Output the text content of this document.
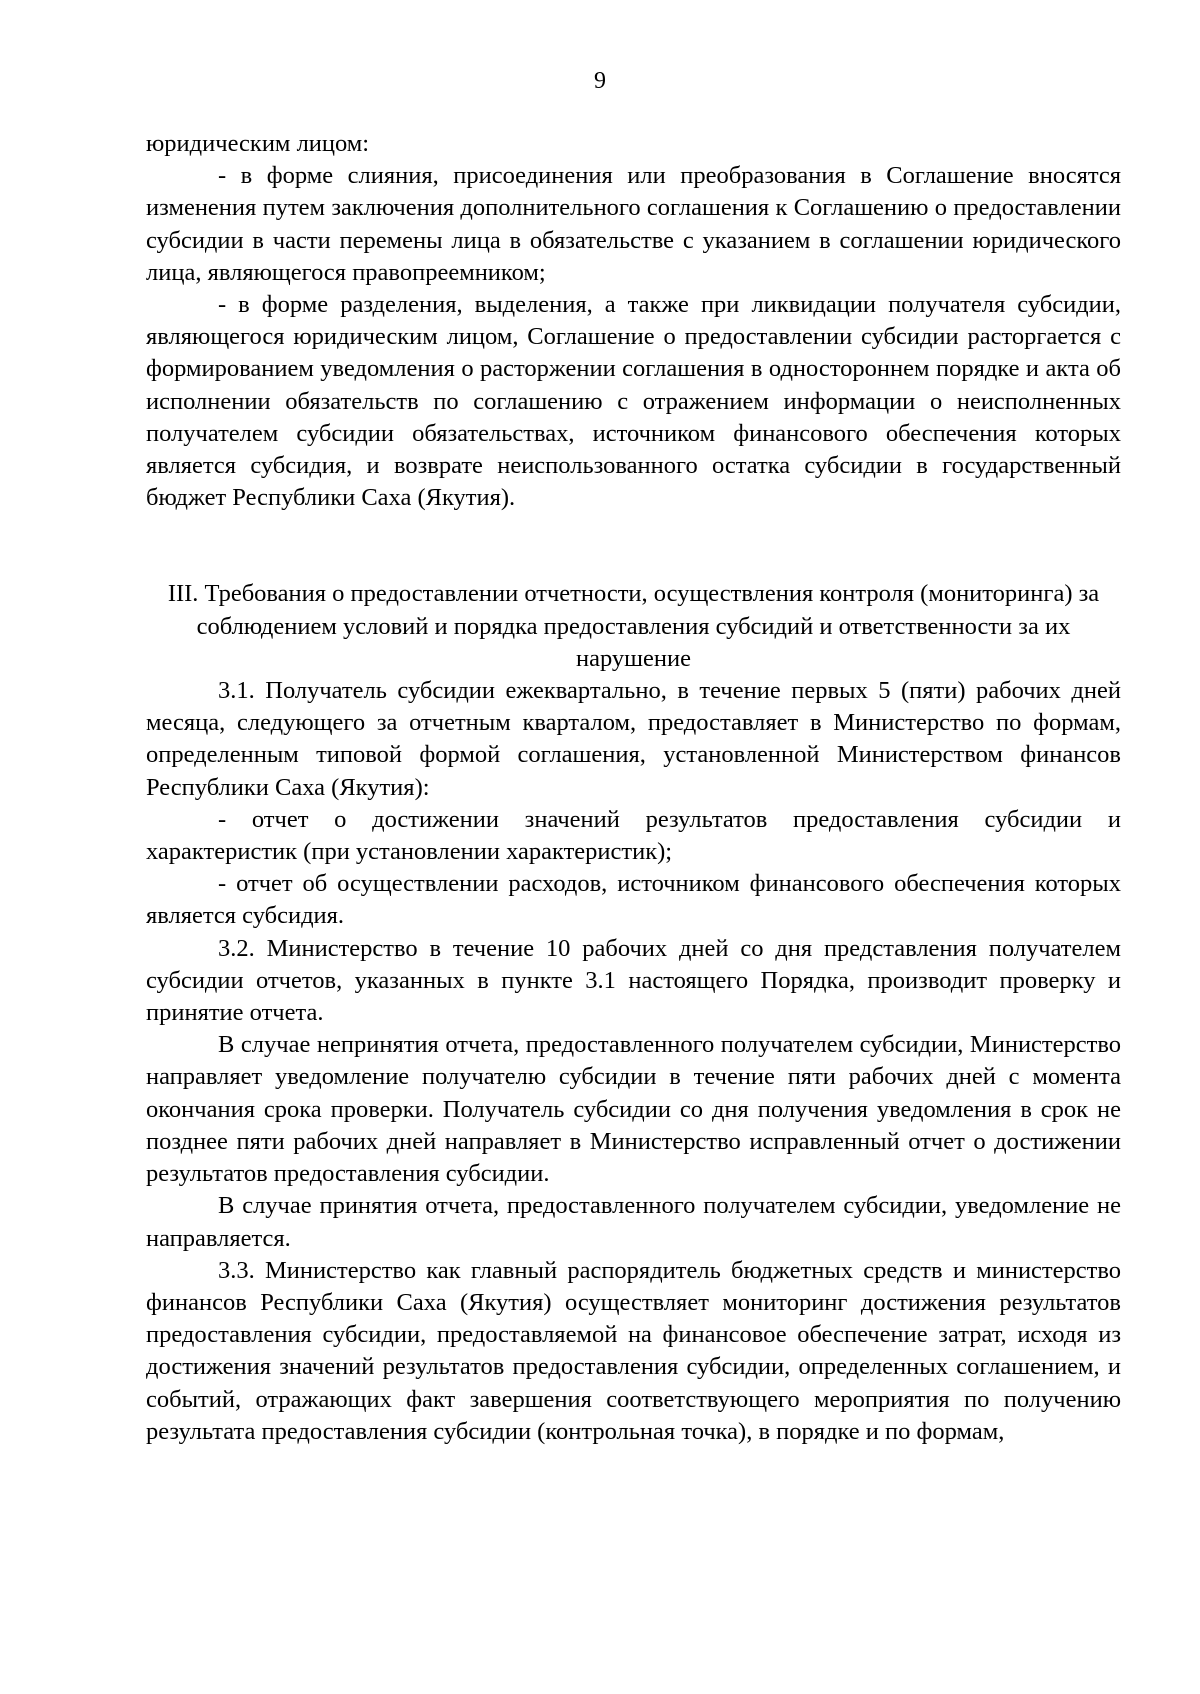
9

юридическим лицом:

- в форме слияния, присоединения или преобразования в Соглашение вносятся изменения путем заключения дополнительного соглашения к Соглашению о предоставлении субсидии в части перемены лица в обязательстве с указанием в соглашении юридического лица, являющегося правопреемником;

- в форме разделения, выделения, а также при ликвидации получателя субсидии, являющегося юридическим лицом, Соглашение о предоставлении субсидии расторгается с формированием уведомления о расторжении соглашения в одностороннем порядке и акта об исполнении обязательств по соглашению с отражением информации о неисполненных получателем субсидии обязательствах, источником финансового обеспечения которых является субсидия, и возврате неиспользованного остатка субсидии в государственный бюджет Республики Саха (Якутия).

III. Требования о предоставлении отчетности, осуществления контроля (мониторинга) за соблюдением условий и порядка предоставления субсидий и ответственности за их нарушение

3.1. Получатель субсидии ежеквартально, в течение первых 5 (пяти) рабочих дней месяца, следующего за отчетным кварталом, предоставляет в Министерство по формам, определенным типовой формой соглашения, установленной Министерством финансов Республики Саха (Якутия):

- отчет о достижении значений результатов предоставления субсидии и характеристик (при установлении характеристик);

- отчет об осуществлении расходов, источником финансового обеспечения которых является субсидия.

3.2. Министерство в течение 10 рабочих дней со дня представления получателем субсидии отчетов, указанных в пункте 3.1 настоящего Порядка, производит проверку и принятие отчета.

В случае непринятия отчета, предоставленного получателем субсидии, Министерство направляет уведомление получателю субсидии в течение пяти рабочих дней с момента окончания срока проверки. Получатель субсидии со дня получения уведомления в срок не позднее пяти рабочих дней направляет в Министерство исправленный отчет о достижении результатов предоставления субсидии.

В случае принятия отчета, предоставленного получателем субсидии, уведомление не направляется.

3.3. Министерство как главный распорядитель бюджетных средств и министерство финансов Республики Саха (Якутия) осуществляет мониторинг достижения результатов предоставления субсидии, предоставляемой на финансовое обеспечение затрат, исходя из достижения значений результатов предоставления субсидии, определенных соглашением, и событий, отражающих факт завершения соответствующего мероприятия по получению результата предоставления субсидии (контрольная точка), в порядке и по формам,
